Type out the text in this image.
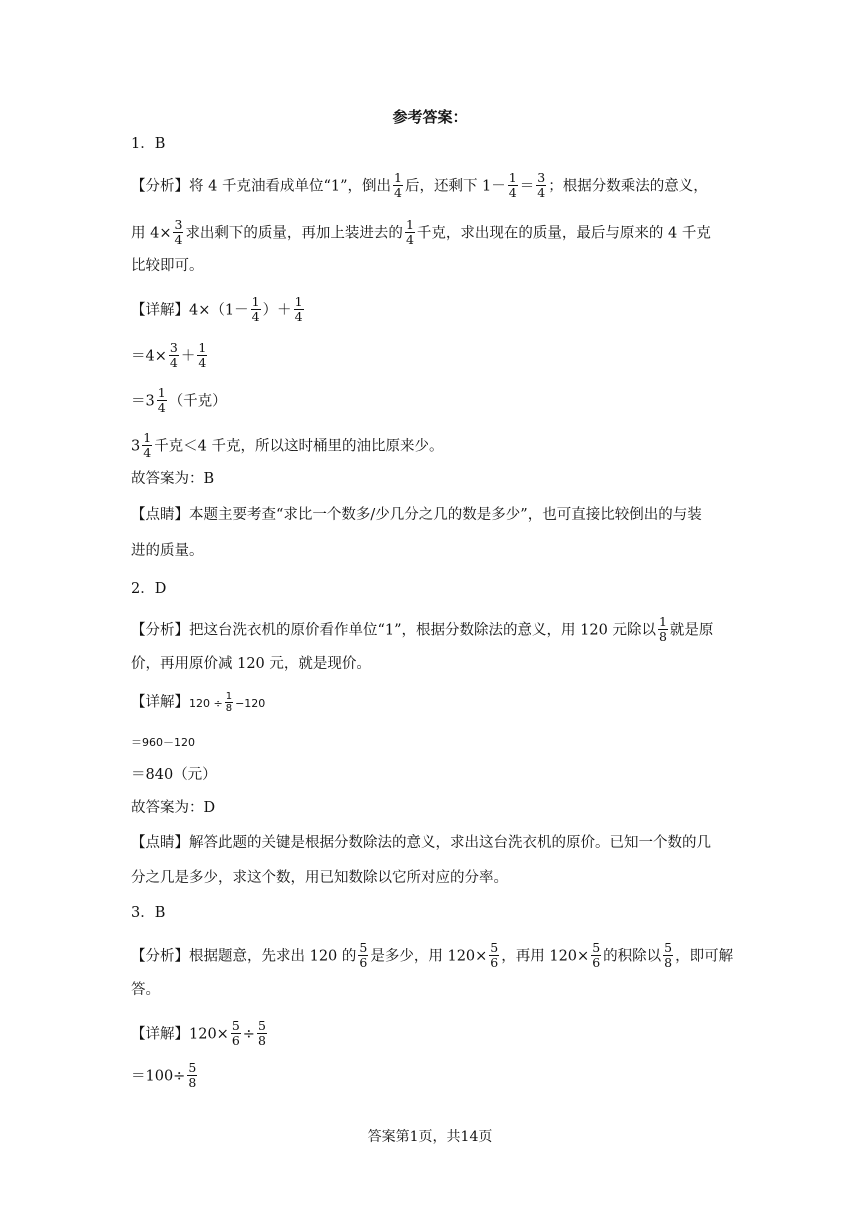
参考答案：
1．B
【分析】将 4 千克油看成单位“1”，倒出 $\frac{1}{4}$ 后，还剩下 $1- \frac{1}{4} = \frac{3}{4}$ ；根据分数乘法的意义，
用 $4\times \frac{3}{4}$ 求出剩下的质量，再加上装进去的 $\frac{1}{4}$ 千克，求出现在的质量，最后与原来的 4 千克
比较即可。
【详解】$4\times(1- \frac{1}{4}$ ）＋ $\frac{1}{4}$
$=4\times \frac{3}{4} + \frac{1}{4}$
$=3 \frac{1}{4}$ （千克）
$3 \frac{1}{4}$ 千克＜4 千克，所以这时桶里的油比原来少。
故答案为：B
【点睛】本题主要考查“求比一个数多/少几分之几的数是多少”，也可直接比较倒出的与装
进的质量。
2．D
【分析】把这台洗衣机的原价看作单位“1”，根据分数除法的意义，用 120 元除以 $\frac{1}{8}$ 就是原
价，再用原价减 120 元，就是现价。
【详解】$120 \div \frac{1}{8} -120$
＝960－120
＝840（元）
故答案为：D
【点睛】解答此题的关键是根据分数除法的意义，求出这台洗衣机的原价。已知一个数的几
分之几是多少，求这个数，用已知数除以它所对应的分率。
3．B
【分析】根据题意，先求出 120 的 $\frac{5}{6}$ 是多少，用 $120\times \frac{5}{6}$ ，再用 $120\times \frac{5}{6}$ 的积除以 $\frac{5}{8}$ ，即可解
答。
【详解】$120\times \frac{5}{6} \div \frac{5}{8}$
$=100\div \frac{5}{8}$
答案第1页，共14页
